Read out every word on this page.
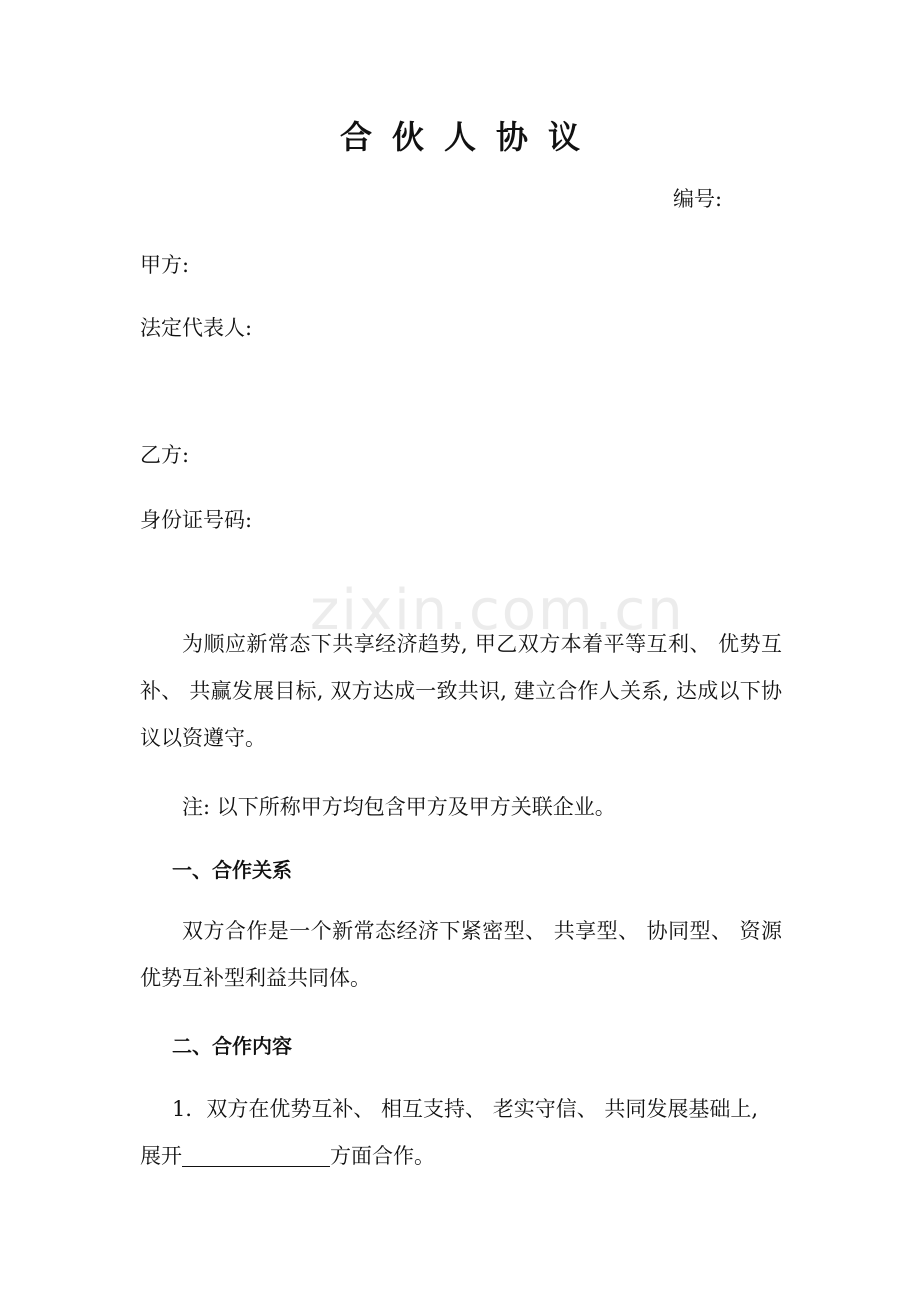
zixin.com.cn
合伙人协议
编号:
甲方:
法定代表人:
乙方:
身份证号码:
为顺应新常态下共享经济趋势, 甲乙双方本着平等互利、 优势互补、 共赢发展目标, 双方达成一致共识, 建立合作人关系, 达成以下协议以资遵守。
注: 以下所称甲方均包含甲方及甲方关联企业。
一、合作关系
双方合作是一个新常态经济下紧密型、 共享型、 协同型、 资源优势互补型利益共同体。
二、合作内容
1．双方在优势互补、 相互支持、 老实守信、 共同发展基础上,
展开	方面合作。
